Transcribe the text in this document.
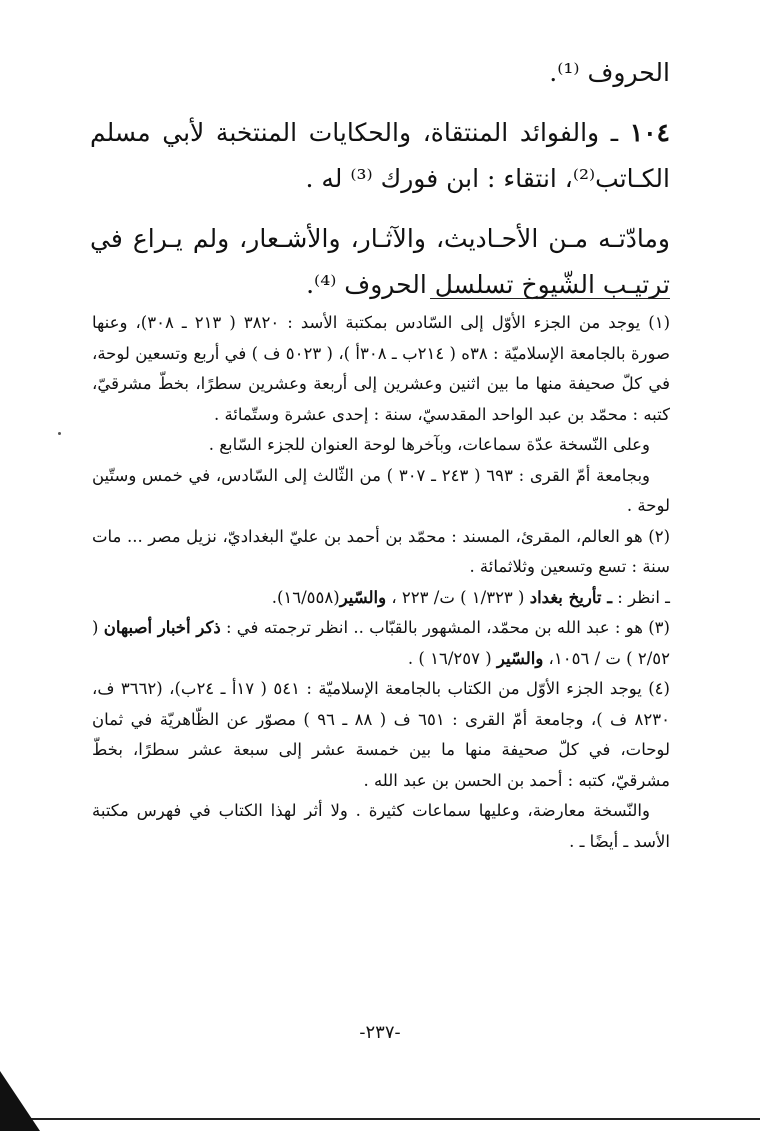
الحروف ⁽¹⁾.

١٠٤ ـ والفوائد المنتقاة، والحكايات المنتخبة لأبي مسلم الكـاتب⁽²⁾، انتقاء : ابن فورك ⁽³⁾ له .

ومادّتـه مـن الأحـاديث، والآثـار، والأشـعار، ولم يـراع في ترتيـب الشّيوخ تسلسل الحروف ⁽⁴⁾.

(١) يوجد من الجزء الأوّل إلى السّادس بمكتبة الأسد : ٣٨٢٠ ( ٢١٣ ـ ٣٠٨)، وعنها صورة بالجامعة الإسلاميّة : ٣٨ه ( ٢١٤ب ـ ٣٠٨أ )، ( ٥٠٢٣ ف ) في أربع وتسعين لوحة، في كلّ صحيفة منها ما بين اثنين وعشرين إلى أربعة وعشرين سطرًا، بخطّ مشرقيّ، كتبه : محمّد بن عبد الواحد المقدسيّ، سنة : إحدى عشرة وستّمائة .

وعلى النّسخة عدّة سماعات، وبآخرها لوحة العنوان للجزء السّابع .

وبجامعة أمّ القرى : ٦٩٣ ( ٢٤٣ ـ ٣٠٧ ) من الثّالث إلى السّادس، في خمس وستّين لوحة .

(٢) هو العالم، المقرئ، المسند : محمّد بن أحمد بن عليّ البغداديّ، نزيل مصر ... مات سنة : تسع وتسعين وثلاثمائة .

ـ انظر : ـ تأريخ بغداد ( ١/٣٢٣ ) ت/ ٢٢٣ ، والسّير(١٦/٥٥٨).

(٣) هو : عبد الله بن محمّد، المشهور بالقبّاب .. انظر ترجمته في : ذكر أخبار أصبهان ( ٢/٥٢ ) ت / ١٠٥٦، والسّير ( ١٦/٢٥٧ ) .

(٤) يوجد الجزء الأوّل من الكتاب بالجامعة الإسلاميّة : ٥٤١ ( ١٧أ ـ ٢٤ب)، (٣٦٦٢ ف، ٨٢٣٠ ف )، وجامعة أمّ القرى : ٦٥١ ف ( ٨٨ ـ ٩٦ ) مصوّر عن الظّاهريّة في ثمان لوحات، في كلّ صحيفة منها ما بين خمسة عشر إلى سبعة عشر سطرًا، بخطّ مشرقيّ، كتبه : أحمد بن الحسن بن عبد الله .

والنّسخة معارضة، وعليها سماعات كثيرة . ولا أثر لهذا الكتاب في فهرس مكتبة الأسد ـ أيضًا ـ .

-٢٣٧-
